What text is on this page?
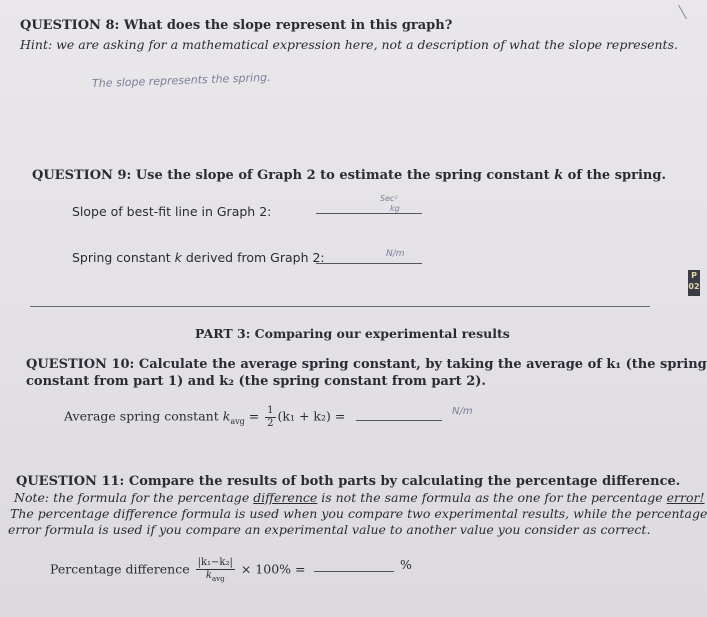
QUESTION 8: What does the slope represent in this graph?
Hint: we are asking for a mathematical expression here, not a description of what the slope represents.
The slope represents the spring.
QUESTION 9: Use the slope of Graph 2 to estimate the spring constant k of the spring.
Slope of best-fit line in Graph 2:
Sec²
kg
Spring constant k derived from Graph 2:	N/m
P
02
PART 3: Comparing our experimental results
QUESTION 10: Calculate the average spring constant, by taking the average of k₁ (the spring
constant from part 1) and k₂ (the spring constant from part 2).
Average spring constant $k_{avg} = \frac{1}{2} (k_1 + k_2)$ =	N/m
QUESTION 11: Compare the results of both parts by calculating the percentage difference.
Note: the formula for the percentage difference is not the same formula as the one for the percentage error!
The percentage difference formula is used when you compare two experimental results, while the percentage
error formula is used if you compare an experimental value to another value you consider as correct.
Percentage difference $\frac{\text{|k₁−k₂|}}{k_{avg}} \times 100\%$ =	%
